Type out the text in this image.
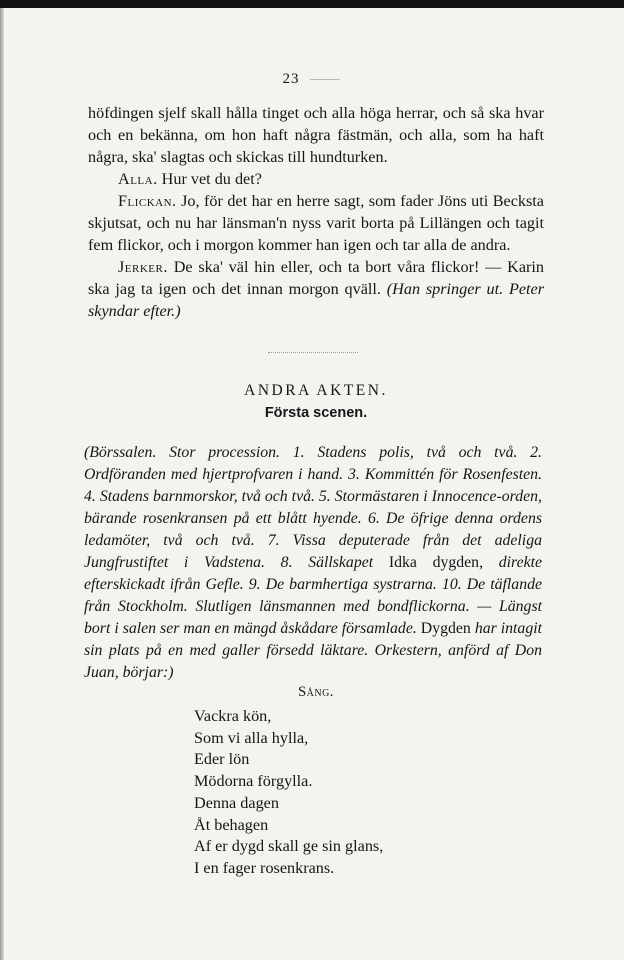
23

höfdingen sjelf skall hålla tinget och alla höga herrar, och så ska hvar och en bekänna, om hon haft några fästmän, och alla, som ha haft några, ska' slagtas och skickas till hundturken.

Alla. Hur vet du det?

Flickan. Jo, för det har en herre sagt, som fader Jöns uti Becksta skjutsat, och nu har länsman'n nyss varit borta på Lillängen och tagit fem flickor, och i morgon kommer han igen och tar alla de andra.

Jerker. De ska' väl hin eller, och ta bort våra flickor! — Karin ska jag ta igen och det innan morgon qväll. (Han springer ut. Peter skyndar efter.)

ANDRA AKTEN.
Första scenen.

(Börssalen. Stor procession. 1. Stadens polis, två och två. 2. Ordföranden med hjertprofvaren i hand. 3. Kommittén för Rosenfesten. 4. Stadens barnmorskor, två och två. 5. Stormästaren i Innocence-orden, bärande rosenkransen på ett blått hyende. 6. De öfrige denna ordens ledamöter, två och två. 7. Vissa deputerade från det adeliga Jungfrustiftet i Vadstena. 8. Sällskapet Idka dygden, direkte efterskickadt ifrån Gefle. 9. De barmhertiga systrarna. 10. De täflande från Stockholm. Slutligen länsmannen med bondflickorna. — Längst bort i salen ser man en mängd åskådare församlade. Dygden har intagit sin plats på en med galler försedd läktare. Orkestern, anförd af Don Juan, börjar:)

Sång.
Vackra kön,
Som vi alla hylla,
Eder lön
Mödorna förgylla.
Denna dagen
Åt behagen
Af er dygd skall ge sin glans,
I en fager rosenkrans.
